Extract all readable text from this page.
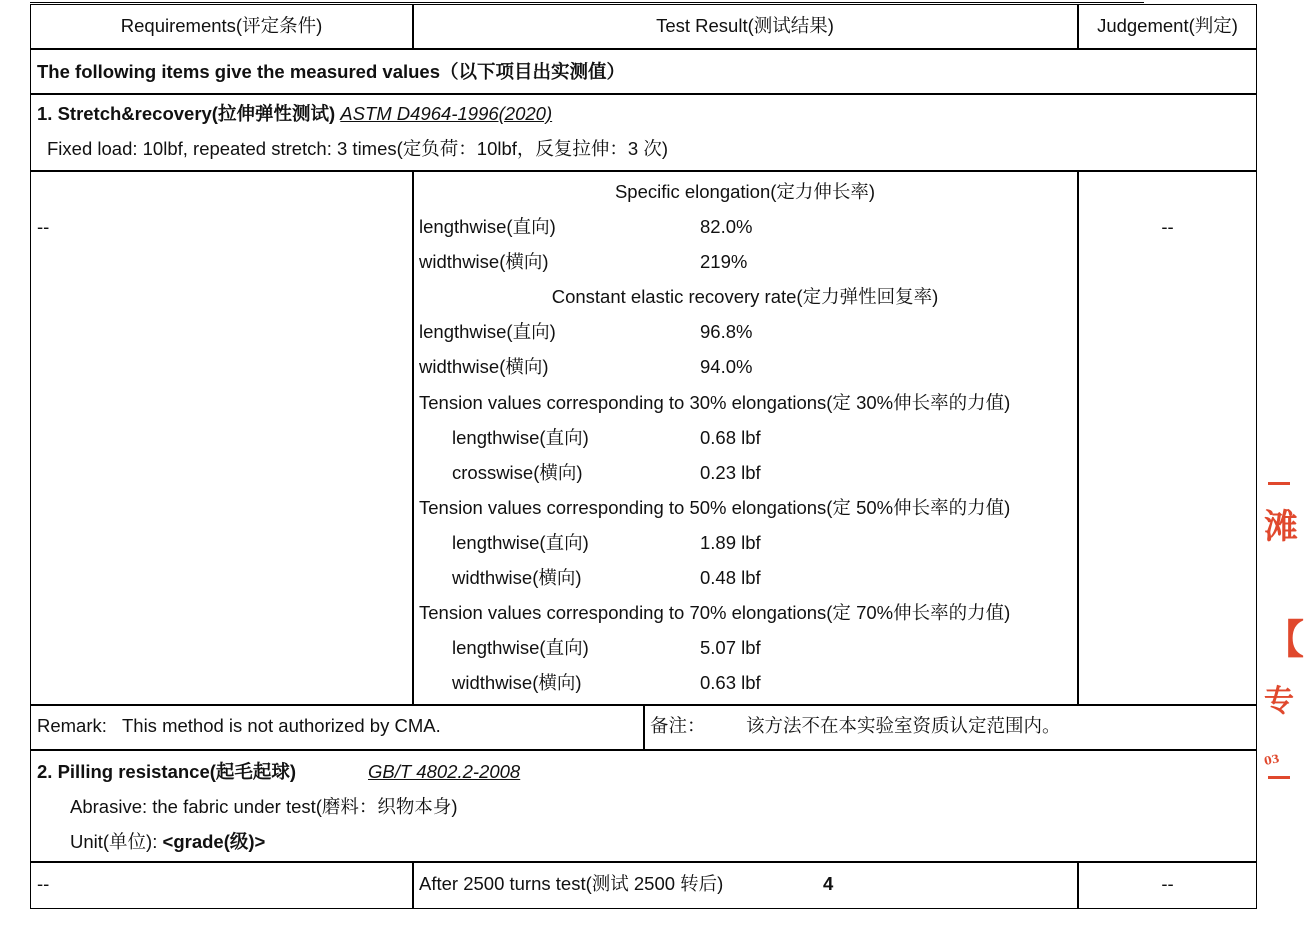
Requirements(评定条件)	Test Result(测试结果)	Judgement(判定)
The following items give the measured values（以下项目出实测值）
1. Stretch&recovery(拉伸弹性测试) ASTM D4964-1996(2020)
Fixed load: 10lbf, repeated stretch: 3 times(定负荷：10lbf，反复拉伸：3 次)
--	--
Specific elongation(定力伸长率)
lengthwise(直向)	82.0%
widthwise(横向)	219%
Constant elastic recovery rate(定力弹性回复率)
lengthwise(直向)	96.8%
widthwise(横向)	94.0%
Tension values corresponding to 30% elongations(定 30%伸长率的力值)
lengthwise(直向)	0.68 lbf
crosswise(横向)	0.23 lbf
Tension values corresponding to 50% elongations(定 50%伸长率的力值)
lengthwise(直向)	1.89 lbf
widthwise(横向)	0.48 lbf
Tension values corresponding to 70% elongations(定 70%伸长率的力值)
lengthwise(直向)	5.07 lbf
widthwise(横向)	0.63 lbf
Remark:   This method is not authorized by CMA.	备注： 该方法不在本实验室资质认定范围内。
2. Pilling resistance(起毛起球)	GB/T 4802.2-2008
Abrasive: the fabric under test(磨料：织物本身)
Unit(单位): <grade(级)>
--	After 2500 turns test(测试 2500 转后)	4	--
滩
【
专
03
